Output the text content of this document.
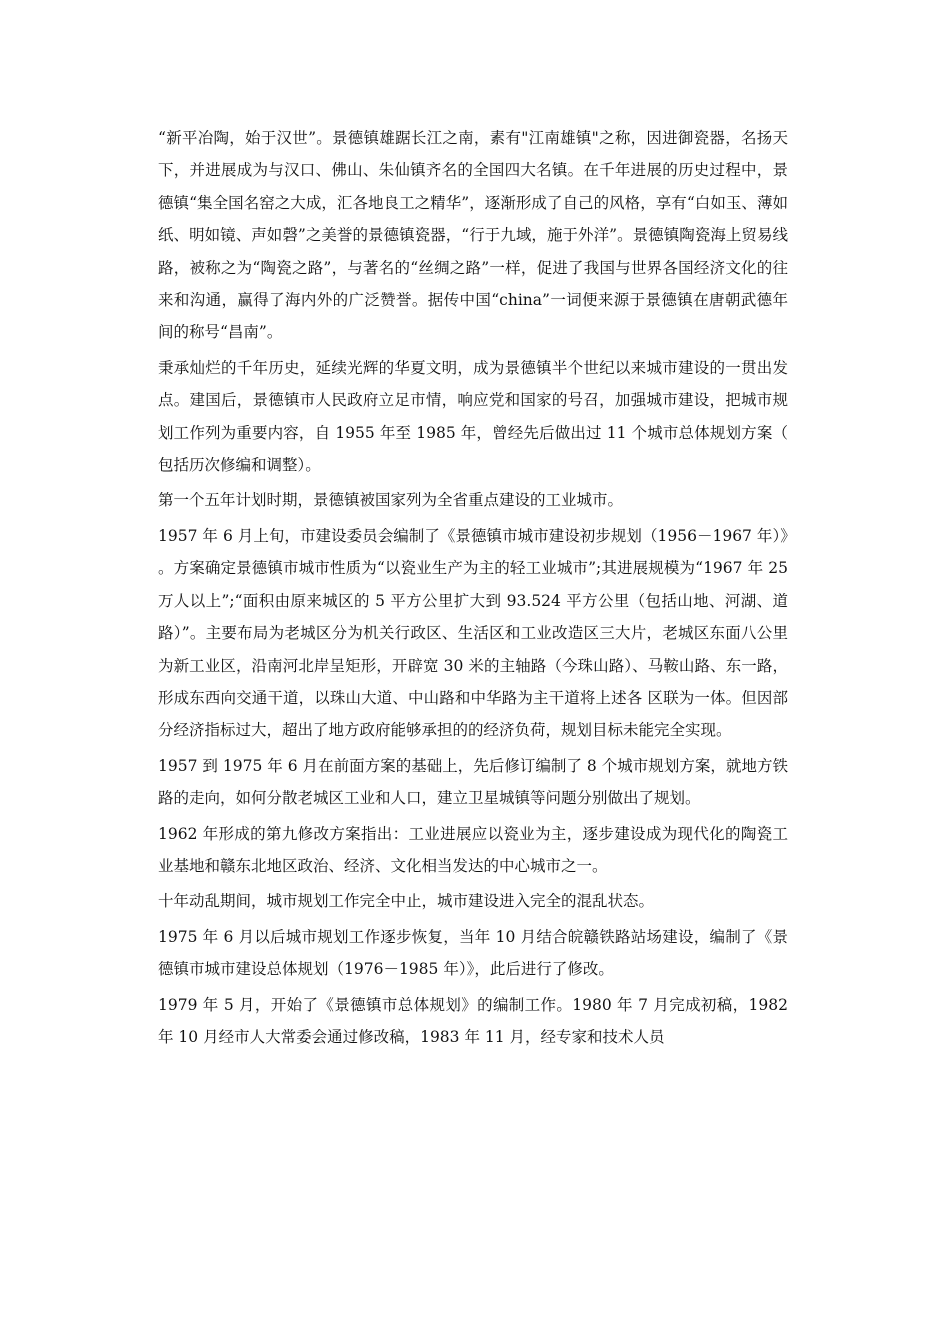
“新平冶陶，始于汉世”。景德镇雄踞长江之南，素有"江南雄镇"之称，因进御瓷器，名扬天下，并进展成为与汉口、佛山、朱仙镇齐名的全国四大名镇。在千年进展的历史过程中，景德镇“集全国名窑之大成，汇各地良工之精华”，逐渐形成了自己的风格，享有“白如玉、薄如纸、明如镜、声如磬”之美誉的景德镇瓷器，“行于九域，施于外洋”。景德镇陶瓷海上贸易线路，被称之为“陶瓷之路”，与著名的“丝绸之路”一样，促进了我国与世界各国经济文化的往来和沟通，赢得了海内外的广泛赞誉。据传中国“china”一词便来源于景德镇在唐朝武德年间的称号“昌南”。

秉承灿烂的千年历史，延续光辉的华夏文明，成为景德镇半个世纪以来城市建设的一贯出发点。建国后，景德镇市人民政府立足市情，响应党和国家的号召，加强城市建设，把城市规划工作列为重要内容，自 1955 年至 1985 年，曾经先后做出过 11 个城市总体规划方案（包括历次修编和调整）。

第一个五年计划时期，景德镇被国家列为全省重点建设的工业城市。

1957 年 6 月上旬，市建设委员会编制了《景德镇市城市建设初步规划（1956－1967 年）》。方案确定景德镇市城市性质为“以瓷业生产为主的轻工业城市”;其进展规模为“1967 年 25 万人以上”;“面积由原来城区的 5 平方公里扩大到 93.524 平方公里（包括山地、河湖、道路）”。主要布局为老城区分为机关行政区、生活区和工业改造区三大片，老城区东面八公里为新工业区，沿南河北岸呈矩形，开辟宽 30 米的主轴路（今珠山路）、马鞍山路、东一路，形成东西向交通干道，以珠山大道、中山路和中华路为主干道将上述各 区联为一体。但因部分经济指标过大，超出了地方政府能够承担的的经济负荷，规划目标未能完全实现。

1957 到 1975 年 6 月在前面方案的基础上，先后修订编制了 8 个城市规划方案，就地方铁路的走向，如何分散老城区工业和人口，建立卫星城镇等问题分别做出了规划。

1962 年形成的第九修改方案指出：工业进展应以瓷业为主，逐步建设成为现代化的陶瓷工业基地和赣东北地区政治、经济、文化相当发达的中心城市之一。

十年动乱期间，城市规划工作完全中止，城市建设进入完全的混乱状态。

1975 年 6 月以后城市规划工作逐步恢复，当年 10 月结合皖赣铁路站场建设，编制了《景德镇市城市建设总体规划（1976－1985 年）》，此后进行了修改。

1979 年 5 月，开始了《景德镇市总体规划》的编制工作。1980 年 7 月完成初稿，1982 年 10 月经市人大常委会通过修改稿，1983 年 11 月，经专家和技术人员
